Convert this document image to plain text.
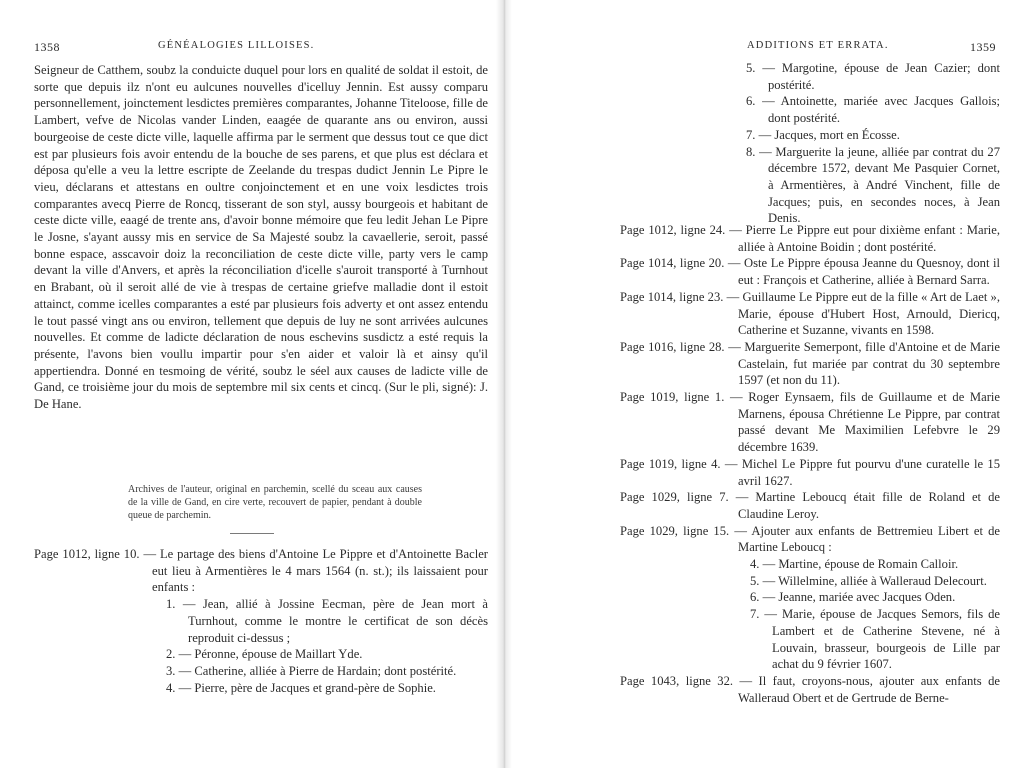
1358	GÉNÉALOGIES LILLOISES.

Seigneur de Catthem, soubz la conduicte duquel pour lors en qualité de soldat il estoit, de sorte que depuis ilz n'ont eu aulcunes nouvelles d'icelluy Jennin. Est aussy comparu personnellement, joinctement lesdictes premières comparantes, Johanne Titeloose, fille de Lambert, vefve de Nicolas vander Linden, eaagée de quarante ans ou environ, aussi bourgeoise de ceste dicte ville, laquelle affirma par le serment que dessus tout ce que dict est par plusieurs fois avoir entendu de la bouche de ses parens, et que plus est déclara et déposa qu'elle a veu la lettre escripte de Zeelande du trespas dudict Jennin Le Pipre le vieu, déclarans et attestans en oultre conjoinctement et en une voix lesdictes trois comparantes avecq Pierre de Roncq, tisserant de son styl, aussy bourgeois et habitant de ceste dicte ville, eaagé de trente ans, d'avoir bonne mémoire que feu ledit Jehan Le Pipre le Josne, s'ayant aussy mis en service de Sa Majesté soubz la cavaellerie, seroit, passé bonne espace, asscavoir doiz la reconciliation de ceste dicte ville, party vers le camp devant la ville d'Anvers, et après la réconciliation d'icelle s'auroit transporté à Turnhout en Brabant, où il seroit allé de vie à trespas de certaine griefve malladie dont il estoit attainct, comme icelles comparantes a esté par plusieurs fois adverty et ont assez entendu le tout passé vingt ans ou environ, tellement que depuis de luy ne sont arrivées aulcunes nouvelles. Et comme de ladicte déclaration de nous eschevins susdictz a esté requis la présente, l'avons bien voullu impartir pour s'en aider et valoir là et ainsy qu'il appertiendra. Donné en tesmoing de vérité, soubz le séel aux causes de ladicte ville de Gand, ce troisième jour du mois de septembre mil six cents et cincq. (Sur le pli, signé): J. De Hane.

Archives de l'auteur, original en parchemin, scellé du sceau aux causes de la ville de Gand, en cire verte, recouvert de papier, pendant à double queue de parchemin.

Page 1012, ligne 10. — Le partage des biens d'Antoine Le Pippre et d'Antoinette Bacler eut lieu à Armentières le 4 mars 1564 (n. st.); ils laissaient pour enfants :

1. — Jean, allié à Jossine Eecman, père de Jean mort à Turnhout, comme le montre le certificat de son décès reproduit ci-dessus ;

2. — Péronne, épouse de Maillart Yde.

3. — Catherine, alliée à Pierre de Hardain; dont postérité.

4. — Pierre, père de Jacques et grand-père de Sophie.

ADDITIONS ET ERRATA.	1359

5. — Margotine, épouse de Jean Cazier; dont postérité.

6. — Antoinette, mariée avec Jacques Gallois; dont postérité.

7. — Jacques, mort en Écosse.

8. — Marguerite la jeune, alliée par contrat du 27 décembre 1572, devant Me Pasquier Cornet, à Armentières, à André Vinchent, fille de Jacques; puis, en secondes noces, à Jean Denis.

Page 1012, ligne 24. — Pierre Le Pippre eut pour dixième enfant : Marie, alliée à Antoine Boidin ; dont postérité.

Page 1014, ligne 20. — Oste Le Pippre épousa Jeanne du Quesnoy, dont il eut : François et Catherine, alliée à Bernard Sarra.

Page 1014, ligne 23. — Guillaume Le Pippre eut de la fille « Art de Laet », Marie, épouse d'Hubert Host, Arnould, Diericq, Catherine et Suzanne, vivants en 1598.

Page 1016, ligne 28. — Marguerite Semerpont, fille d'Antoine et de Marie Castelain, fut mariée par contrat du 30 septembre 1597 (et non du 11).

Page 1019, ligne 1. — Roger Eynsaem, fils de Guillaume et de Marie Marnens, épousa Chrétienne Le Pippre, par contrat passé devant Me Maximilien Lefebvre le 29 décembre 1639.

Page 1019, ligne 4. — Michel Le Pippre fut pourvu d'une curatelle le 15 avril 1627.

Page 1029, ligne 7. — Martine Leboucq était fille de Roland et de Claudine Leroy.

Page 1029, ligne 15. — Ajouter aux enfants de Bettremieu Libert et de Martine Leboucq :

4. — Martine, épouse de Romain Calloir.

5. — Willelmine, alliée à Walleraud Delecourt.

6. — Jeanne, mariée avec Jacques Oden.

7. — Marie, épouse de Jacques Semors, fils de Lambert et de Catherine Stevene, né à Louvain, brasseur, bourgeois de Lille par achat du 9 février 1607.

Page 1043, ligne 32. — Il faut, croyons-nous, ajouter aux enfants de Walleraud Obert et de Gertrude de Berne-
